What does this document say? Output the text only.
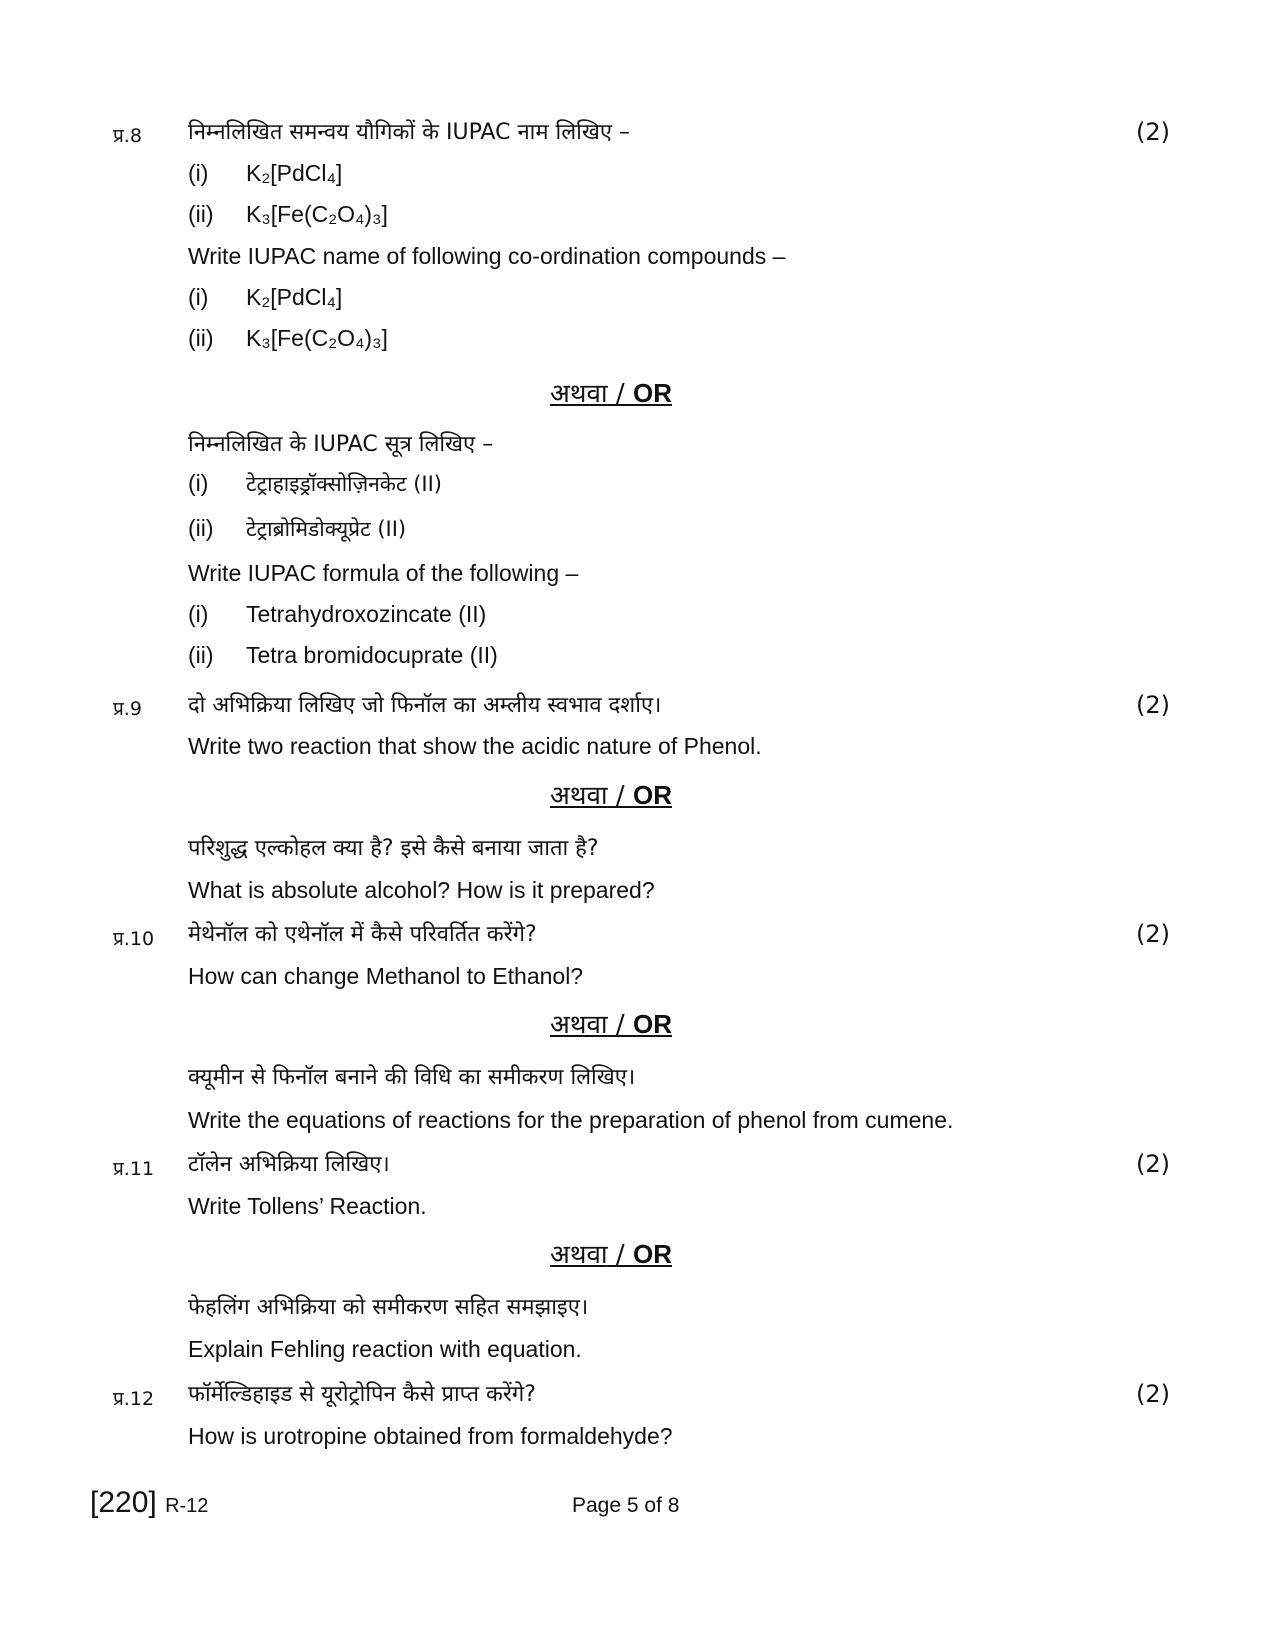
प्र.8 निम्नलिखित समन्वय यौगिकों के IUPAC नाम लिखिए –	(2)
(i) K₂[PdCl₄]
(ii) K₃[Fe(C₂O₄)₃]
Write IUPAC name of following co-ordination compounds –
(i) K₂[PdCl₄]
(ii) K₃[Fe(C₂O₄)₃]
अथवा / OR
निम्नलिखित के IUPAC सूत्र लिखिए –
(i) टेट्राहाइड्रॉक्सोज़िनकेट (II)
(ii) टेट्राब्रोमिडोक्यूप्रेट (II)
Write IUPAC formula of the following –
(i) Tetrahydroxozincate (II)
(ii) Tetra bromidocuprate (II)
प्र.9 दो अभिक्रिया लिखिए जो फिनॉल का अम्लीय स्वभाव दर्शाए।	(2)
Write two reaction that show the acidic nature of Phenol.
अथवा / OR
परिशुद्ध एल्कोहल क्या है? इसे कैसे बनाया जाता है?
What is absolute alcohol? How is it prepared?
प्र.10 मेथेनॉल को एथेनॉल में कैसे परिवर्तित करेंगे?	(2)
How can change Methanol to Ethanol?
अथवा / OR
क्यूमीन से फिनॉल बनाने की विधि का समीकरण लिखिए।
Write the equations of reactions for the preparation of phenol from cumene.
प्र.11 टॉलेन अभिक्रिया लिखिए।	(2)
Write Tollens’ Reaction.
अथवा / OR
फेहलिंग अभिक्रिया को समीकरण सहित समझाइए।
Explain Fehling reaction with equation.
प्र.12 फॉर्मेल्डिहाइड से यूरोट्रोपिन कैसे प्राप्त करेंगे?	(2)
How is urotropine obtained from formaldehyde?
[220] R-12	Page 5 of 8
